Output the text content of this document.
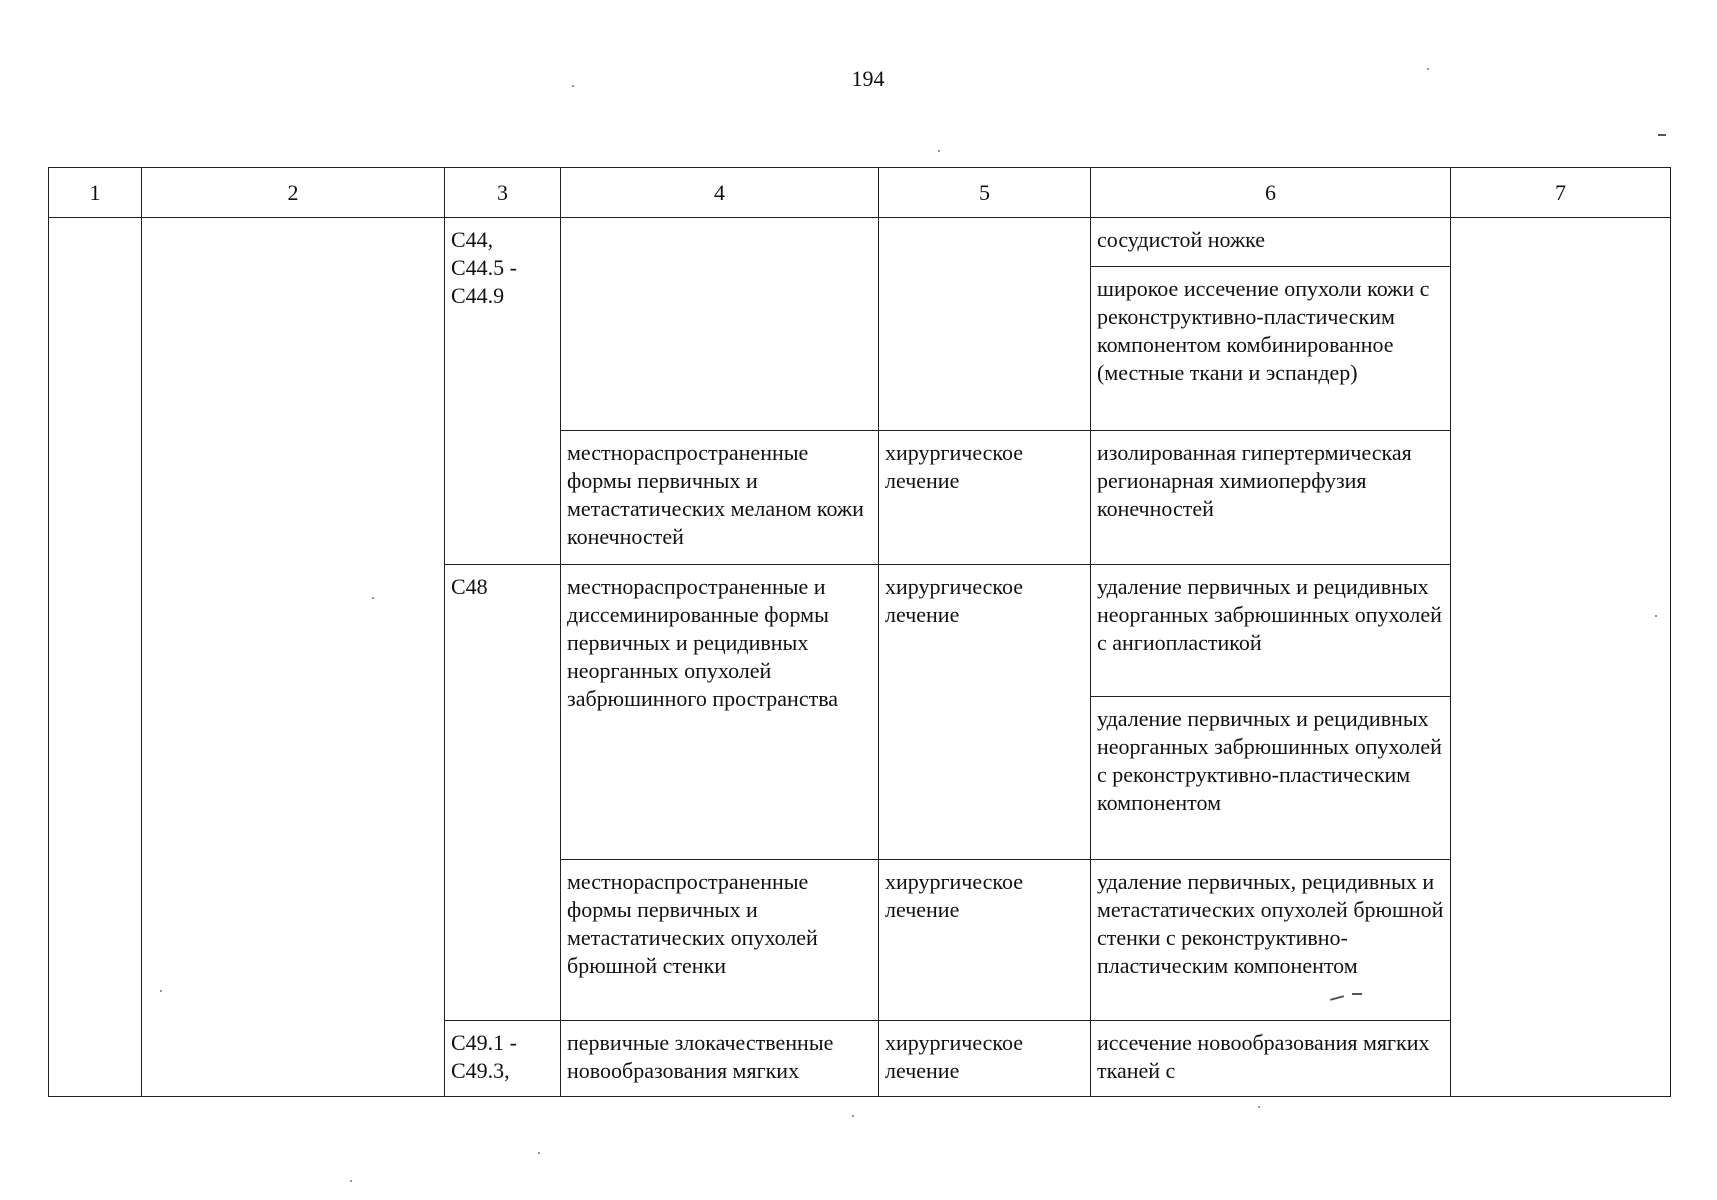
194
1	2	3	4	5	6	7

		С44,
С44.5 -
С44.9			сосудистой ножке	

					широкое иссечение опухоли кожи с реконструктивно-пластическим компонентом комбинированное (местные ткани и эспандер)	

			местнораспространенные формы первичных и метастатических меланом кожи конечностей	хирургическое лечение	изолированная гипертермическая регионарная химиоперфузия конечностей	

		С48	местнораспространенные и диссеминированные формы первичных и рецидивных неорганных опухолей забрюшинного пространства	хирургическое лечение	удаление первичных и рецидивных неорганных забрюшинных опухолей с ангиопластикой	

					удаление первичных и рецидивных неорганных забрюшинных опухолей с реконструктивно-пластическим компонентом	

			местнораспространенные формы первичных и метастатических опухолей брюшной стенки	хирургическое лечение	удаление первичных, рецидивных и метастатических опухолей брюшной стенки с реконструктивно-пластическим компонентом	

		С49.1 -
С49.3,	первичные злокачественные новообразования мягких	хирургическое лечение	иссечение новообразования мягких тканей с	
